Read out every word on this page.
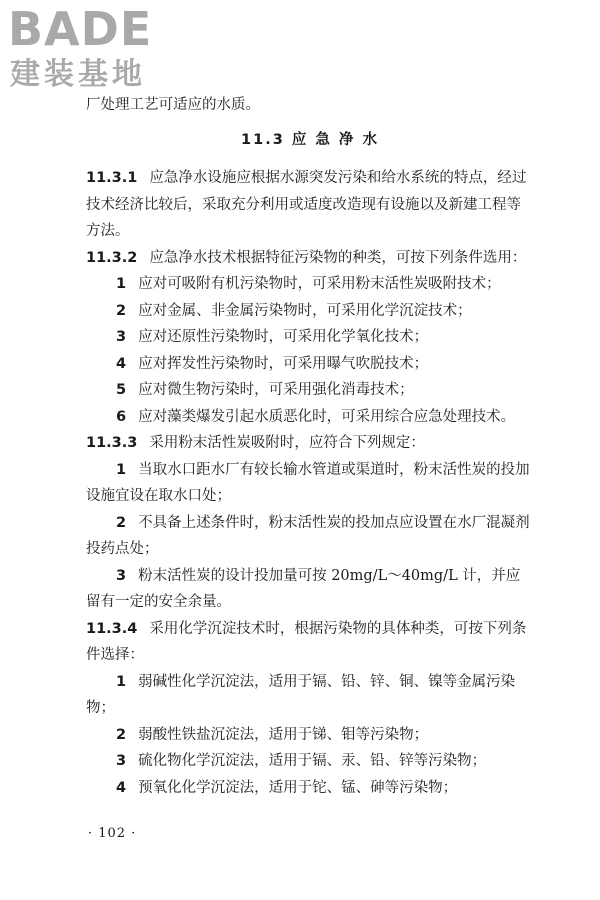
BADE
建装基地

厂处理工艺可适应的水质。

11.3 应 急 净 水

11.3.1 应急净水设施应根据水源突发污染和给水系统的特点，经过技术经济比较后，采取充分利用或适度改造现有设施以及新建工程等方法。

11.3.2 应急净水技术根据特征污染物的种类，可按下列条件选用：

1 应对可吸附有机污染物时，可采用粉末活性炭吸附技术；

2 应对金属、非金属污染物时，可采用化学沉淀技术；

3 应对还原性污染物时，可采用化学氧化技术；

4 应对挥发性污染物时，可采用曝气吹脱技术；

5 应对微生物污染时，可采用强化消毒技术；

6 应对藻类爆发引起水质恶化时，可采用综合应急处理技术。

11.3.3 采用粉末活性炭吸附时，应符合下列规定：

1 当取水口距水厂有较长输水管道或渠道时，粉末活性炭的投加设施宜设在取水口处；

2 不具备上述条件时，粉末活性炭的投加点应设置在水厂混凝剂投药点处；

3 粉末活性炭的设计投加量可按 20mg/L～40mg/L 计，并应留有一定的安全余量。

11.3.4 采用化学沉淀技术时，根据污染物的具体种类，可按下列条件选择：

1 弱碱性化学沉淀法，适用于镉、铅、锌、铜、镍等金属污染物；

2 弱酸性铁盐沉淀法，适用于锑、钼等污染物；

3 硫化物化学沉淀法，适用于镉、汞、铅、锌等污染物；

4 预氧化化学沉淀法，适用于铊、锰、砷等污染物；

· 102 ·
